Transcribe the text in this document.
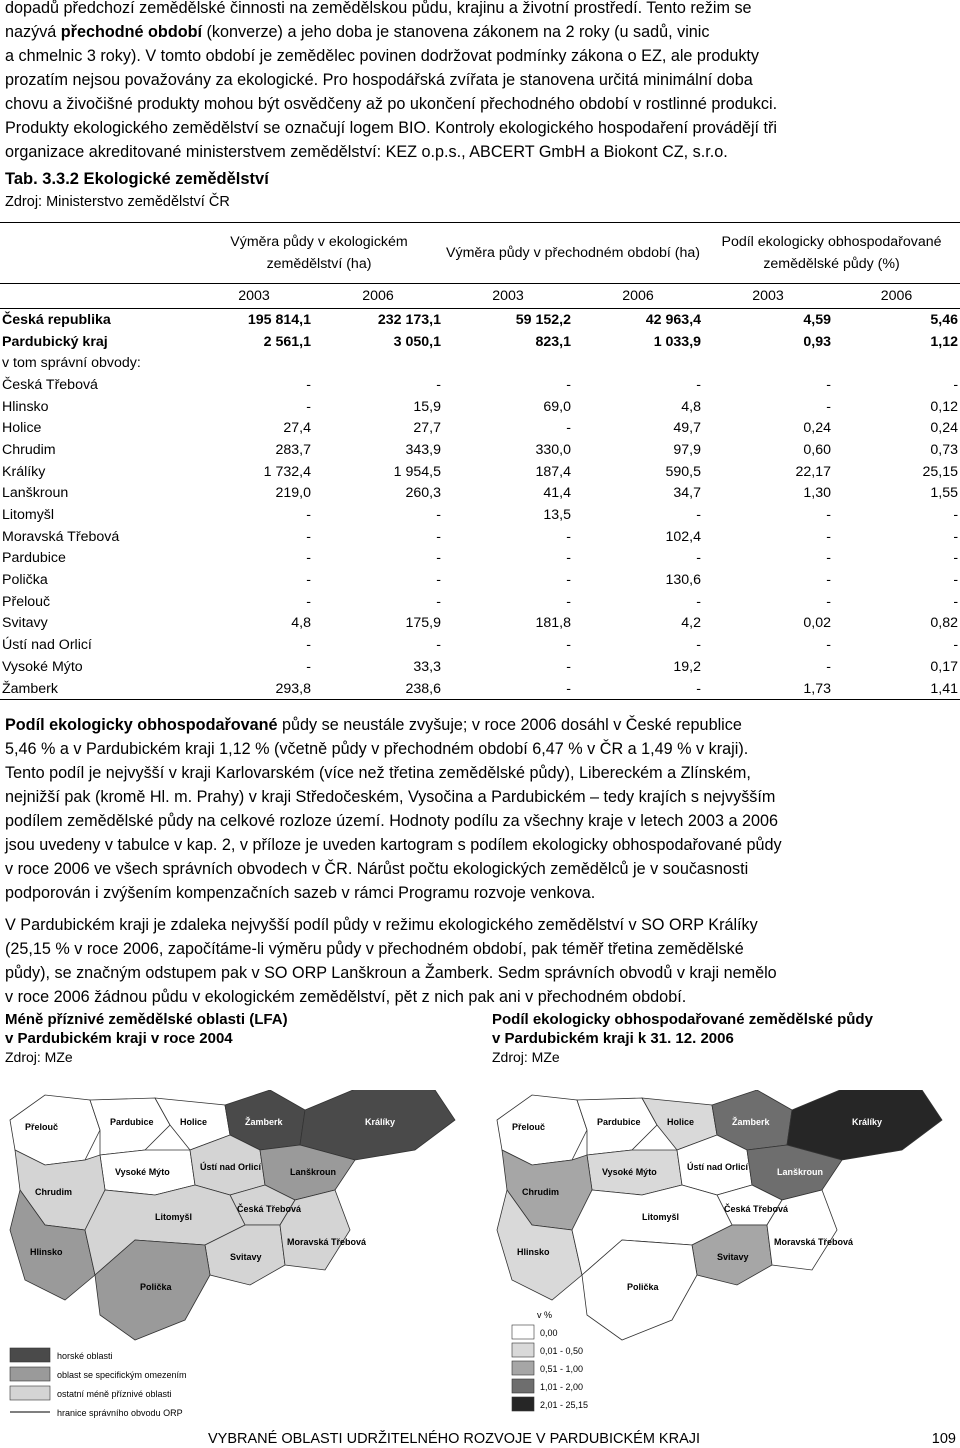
dopadů předchozí zemědělské činnosti na zemědělskou půdu, krajinu a životní prostředí. Tento režim se

nazývá přechodné období (konverze) a jeho doba je stanovena zákonem na 2 roky (u sadů, vinic

a chmelnic 3 roky). V tomto období je zemědělec povinen dodržovat podmínky zákona o EZ, ale produkty

prozatím nejsou považovány za ekologické. Pro hospodářská zvířata je stanovena určitá minimální doba

chovu a živočišné produkty mohou být osvědčeny až po ukončení přechodného období v rostlinné produkci.

Produkty ekologického zemědělství se označují logem BIO. Kontroly ekologického hospodaření provádějí tři

organizace akreditované ministerstvem zemědělství: KEZ o.p.s., ABCERT GmbH a Biokont CZ, s.r.o.

Tab. 3.3.2 Ekologické zemědělství

Zdroj: Ministerstvo zemědělství ČR

	Výměra půdy v ekologickém zemědělství (ha)		Výměra půdy v přechodném období (ha)		Podíl ekologicky obhospodařované zemědělské půdy (%)	
	2003	2006	2003	2006	2003	2006
Česká republika	195 814,1	232 173,1	59 152,2	42 963,4	4,59	5,46
Pardubický kraj	2 561,1	3 050,1	823,1	1 033,9	0,93	1,12
v tom správní obvody:						
Česká Třebová	-	-	-	-	-	-
Hlinsko	-	15,9	69,0	4,8	-	0,12
Holice	27,4	27,7	-	49,7	0,24	0,24
Chrudim	283,7	343,9	330,0	97,9	0,60	0,73
Králíky	1 732,4	1 954,5	187,4	590,5	22,17	25,15
Lanškroun	219,0	260,3	41,4	34,7	1,30	1,55
Litomyšl	-	-	13,5	-	-	-
Moravská Třebová	-	-	-	102,4	-	-
Pardubice	-	-	-	-	-	-
Polička	-	-	-	130,6	-	-
Přelouč	-	-	-	-	-	-
Svitavy	4,8	175,9	181,8	4,2	0,02	0,82
Ústí nad Orlicí	-	-	-	-	-	-
Vysoké Mýto	-	33,3	-	19,2	-	0,17
Žamberk	293,8	238,6	-	-	1,73	1,41

Podíl ekologicky obhospodařované půdy se neustále zvyšuje; v roce 2006 dosáhl v České republice

5,46 % a v Pardubickém kraji 1,12 % (včetně půdy v přechodném období 6,47 % v ČR a 1,49 % v kraji).

Tento podíl je nejvyšší v kraji Karlovarském (více než třetina zemědělské půdy), Libereckém a Zlínském,

nejnižší pak (kromě Hl. m. Prahy) v kraji Středočeském, Vysočina a Pardubickém – tedy krajích s nejvyšším

podílem zemědělské půdy na celkové rozloze území. Hodnoty podílu za všechny kraje v letech 2003 a 2006

jsou uvedeny v tabulce v kap. 2, v příloze je uveden kartogram s podílem ekologicky obhospodařované půdy

v roce 2006 ve všech správních obvodech v ČR. Nárůst počtu ekologických zemědělců je v současnosti

podporován i zvýšením kompenzačních sazeb v rámci Programu rozvoje venkova.

V Pardubickém kraji je zdaleka nejvyšší podíl půdy v režimu ekologického zemědělství v SO ORP Králíky

(25,15 % v roce 2006, započítáme-li výměru půdy v přechodném období, pak téměř třetina zemědělské

půdy), se značným odstupem pak v SO ORP Lanškroun a Žamberk. Sedm správních obvodů v kraji nemělo

v roce 2006 žádnou půdu v ekologickém zemědělství, pět z nich pak ani v přechodném období.

Méně příznivé zemědělské oblasti (LFA)

v Pardubickém kraji v roce 2004

Zdroj: MZe

Přelouč	Pardubice	Holice	Žamberk	Králíky
Vysoké Mýto	Ústí nad Orlicí	Lanškroun
Chrudim
Česká Třebová
Hlinsko
Litomyšl
Svitavy
Moravská Třebová
Polička
horské oblasti
oblast se specifickým omezením
ostatní méně příznivé oblasti
hranice správního obvodu ORP

Podíl ekologicky obhospodařované zemědělské půdy

v Pardubickém kraji k 31. 12. 2006

Zdroj: MZe

Přelouč	Pardubice	Holice	Žamberk	Králíky
Vysoké Mýto	Ústí nad Orlicí	Lanškroun
Chrudim
Česká Třebová
Hlinsko
Litomyšl
Svitavy
Moravská Třebová
Polička
v %
0,00
0,01 - 0,50
0,51 - 1,00
1,01 - 2,00
2,01 - 25,15

VYBRANÉ OBLASTI UDRŽITELNÉHO ROZVOJE V PARDUBICKÉM KRAJI	109
